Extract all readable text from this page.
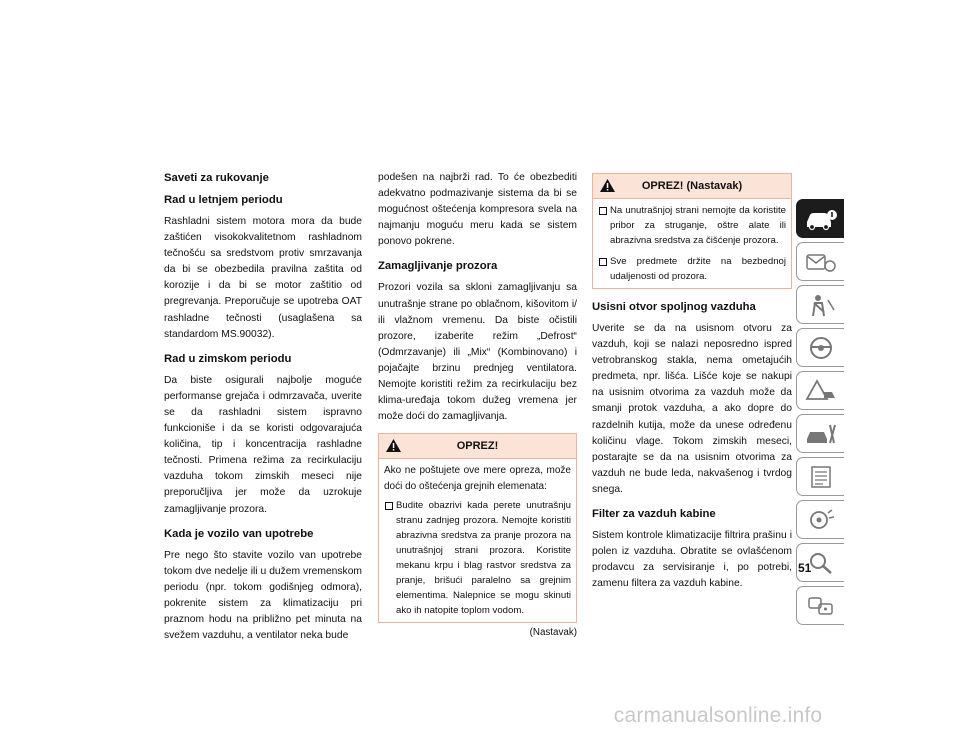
Saveti za rukovanje
Rad u letnjem periodu

Rashladni sistem motora mora da bude zaštićen visokokvalitetnom rashladnom tečnošću sa sredstvom protiv smrzavanja da bi se obezbedila pravilna zaštita od korozije i da bi se motor zaštitio od pregrevanja. Preporučuje se upotreba OAT rashladne tečnosti (usaglašena sa standardom MS.90032).

Rad u zimskom periodu

Da biste osigurali najbolje moguće performanse grejača i odmrzavača, uverite se da rashladni sistem ispravno funkcioniše i da se koristi odgovarajuća količina, tip i koncentracija rashladne tečnosti. Primena režima za recirkulaciju vazduha tokom zimskih meseci nije preporučljiva jer može da uzrokuje zamagljivanje prozora.

Kada je vozilo van upotrebe

Pre nego što stavite vozilo van upotrebe tokom dve nedelje ili u dužem vremenskom periodu (npr. tokom godišnjeg odmora), pokrenite sistem za klimatizaciju pri praznom hodu na približno pet minuta na svežem vazduhu, a ventilator neka bude

podešen na najbrži rad. To će obezbediti adekvatno podmazivanje sistema da bi se mogućnost oštećenja kompresora svela na najmanju moguću meru kada se sistem ponovo pokrene.

Zamagljivanje prozora

Prozori vozila sa skloni zamagljivanju sa unutrašnje strane po oblačnom, kišovitom i/ ili vlažnom vremenu. Da biste očistili prozore, izaberite režim „Defrost“ (Odmrzavanje) ili „Mix“ (Kombinovano) i pojačajte brzinu prednjeg ventilatora. Nemojte koristiti režim za recirkulaciju bez klima-uređaja tokom dužeg vremena jer može doći do zamagljivanja.

OPREZ!

Ako ne poštujete ove mere opreza, može doći do oštećenja grejnih elemenata:

Budite obazrivi kada perete unutrašnju stranu zadnjeg prozora. Nemojte koristiti abrazivna sredstva za pranje prozora na unutrašnjoj strani prozora. Koristite mekanu krpu i blag rastvor sredstva za pranje, brišući paralelno sa grejnim elementima. Nalepnice se mogu skinuti ako ih natopite toplom vodom.
(Nastavak)
OPREZ! (Nastavak)
Na unutrašnjoj strani nemojte da koristite pribor za struganje, oštre alate ili abrazivna sredstva za čišćenje prozora.
Sve predmete držite na bezbednoj udaljenosti od prozora.
Usisni otvor spoljnog vazduha

Uverite se da na usisnom otvoru za vazduh, koji se nalazi neposredno ispred vetrobranskog stakla, nema ometajućih predmeta, npr. lišća. Lišće koje se nakupi na usisnim otvorima za vazduh može da smanji protok vazduha, a ako dopre do razdelnih kutija, može da unese određenu količinu vlage. Tokom zimskih meseci, postarajte se da na usisnim otvorima za vazduh ne bude leda, nakvašenog i tvrdog snega.

Filter za vazduh kabine

Sistem kontrole klimatizacije filtrira prašinu i polen iz vazduha. Obratite se ovlašćenom prodavcu za servisiranje i, po potrebi, zamenu filtera za vazduh kabine.

51
carmanualsonline.info
